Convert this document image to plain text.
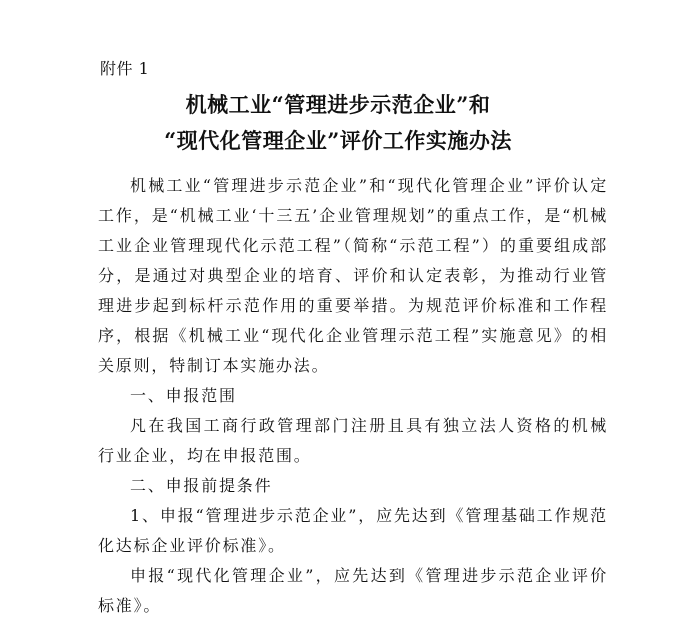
附件 1
机械工业“管理进步示范企业”和
“现代化管理企业”评价工作实施办法

机械工业“管理进步示范企业”和“现代化管理企业”评价认定工作，是“机械工业‘十三五’企业管理规划”的重点工作，是“机械工业企业管理现代化示范工程”（简称“示范工程”）的重要组成部分，是通过对典型企业的培育、评价和认定表彰，为推动行业管理进步起到标杆示范作用的重要举措。为规范评价标准和工作程序，根据《机械工业“现代化企业管理示范工程”实施意见》的相关原则，特制订本实施办法。

一、申报范围

凡在我国工商行政管理部门注册且具有独立法人资格的机械行业企业，均在申报范围。

二、申报前提条件

1、申报“管理进步示范企业”，应先达到《管理基础工作规范化达标企业评价标准》。

申报“现代化管理企业”，应先达到《管理进步示范企业评价标准》。
